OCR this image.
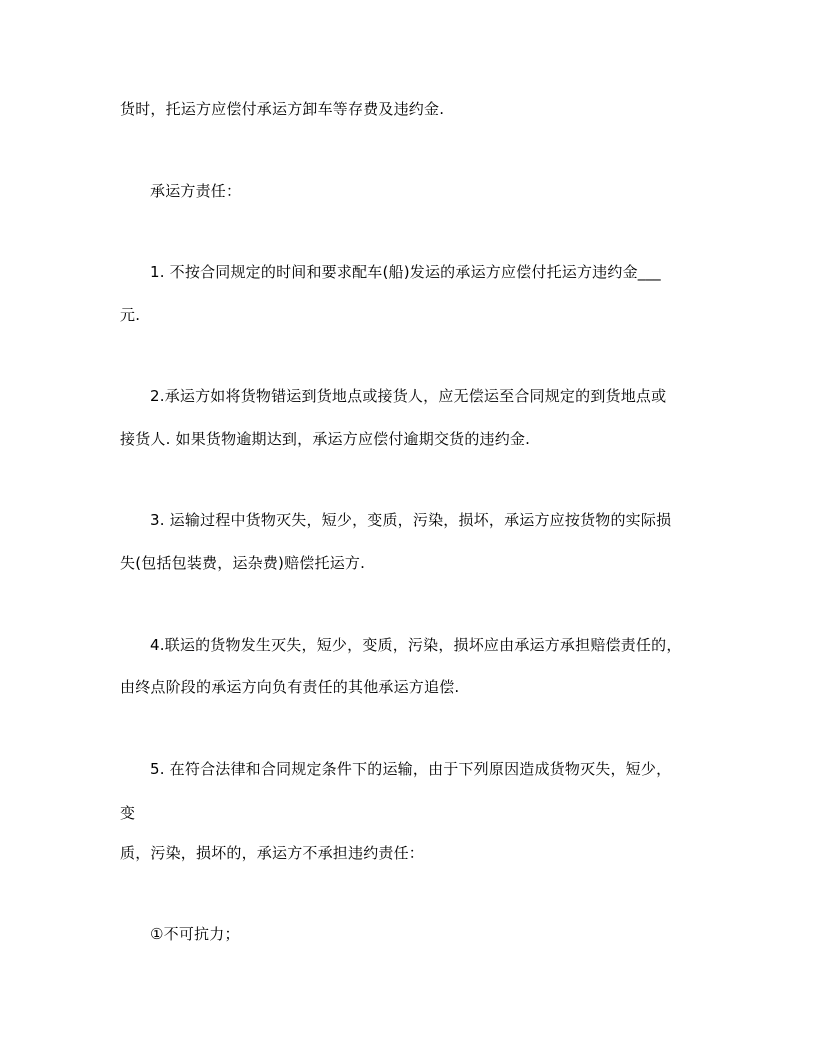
货时，托运方应偿付承运方卸车等存费及违约金.
承运方责任：
1. 不按合同规定的时间和要求配车(船)发运的承运方应偿付托运方违约金___
元.
2.承运方如将货物错运到货地点或接货人，应无偿运至合同规定的到货地点或
接货人. 如果货物逾期达到，承运方应偿付逾期交货的违约金.
3. 运输过程中货物灭失，短少，变质，污染，损坏，承运方应按货物的实际损
失(包括包装费，运杂费)赔偿托运方.
4.联运的货物发生灭失，短少，变质，污染，损坏应由承运方承担赔偿责任的，
由终点阶段的承运方向负有责任的其他承运方追偿.
5. 在符合法律和合同规定条件下的运输，由于下列原因造成货物灭失，短少，
变
质，污染，损坏的，承运方不承担违约责任：
①不可抗力；
